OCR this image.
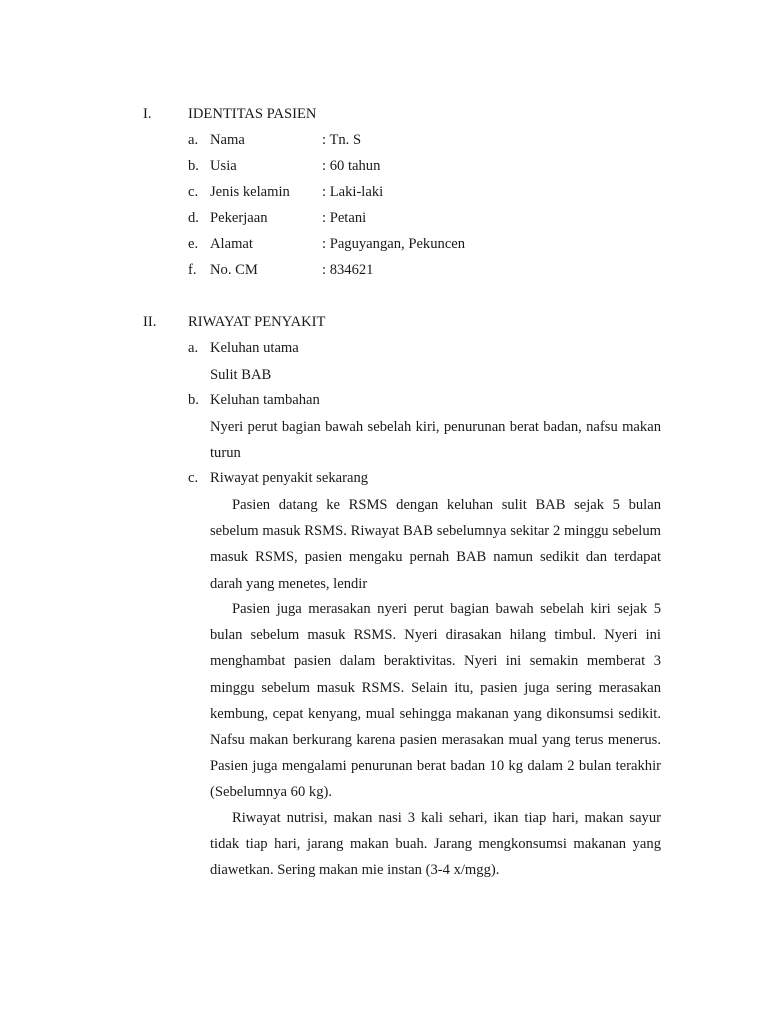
I. IDENTITAS PASIEN
a. Nama	: Tn. S
b. Usia	: 60 tahun
c. Jenis kelamin : Laki-laki
d. Pekerjaan	: Petani
e. Alamat	: Paguyangan, Pekuncen
f. No. CM	: 834621
II. RIWAYAT PENYAKIT
a. Keluhan utama

Sulit BAB

b. Keluhan tambahan

Nyeri perut bagian bawah sebelah kiri, penurunan berat badan, nafsu makan turun

c. Riwayat penyakit sekarang

Pasien datang ke RSMS dengan keluhan sulit BAB sejak 5 bulan sebelum masuk RSMS. Riwayat BAB sebelumnya sekitar 2 minggu sebelum masuk RSMS, pasien mengaku pernah BAB namun sedikit dan terdapat darah yang menetes, lendir

Pasien juga merasakan nyeri perut bagian bawah sebelah kiri sejak 5 bulan sebelum masuk RSMS. Nyeri dirasakan hilang timbul. Nyeri ini menghambat pasien dalam beraktivitas. Nyeri ini semakin memberat 3 minggu sebelum masuk RSMS. Selain itu, pasien juga sering merasakan kembung, cepat kenyang, mual sehingga makanan yang dikonsumsi sedikit. Nafsu makan berkurang karena pasien merasakan mual yang terus menerus. Pasien juga mengalami penurunan berat badan 10 kg dalam 2 bulan terakhir (Sebelumnya 60 kg).

Riwayat nutrisi, makan nasi 3 kali sehari, ikan tiap hari, makan sayur tidak tiap hari, jarang makan buah. Jarang mengkonsumsi makanan yang diawetkan. Sering makan mie instan (3-4 x/mgg).
